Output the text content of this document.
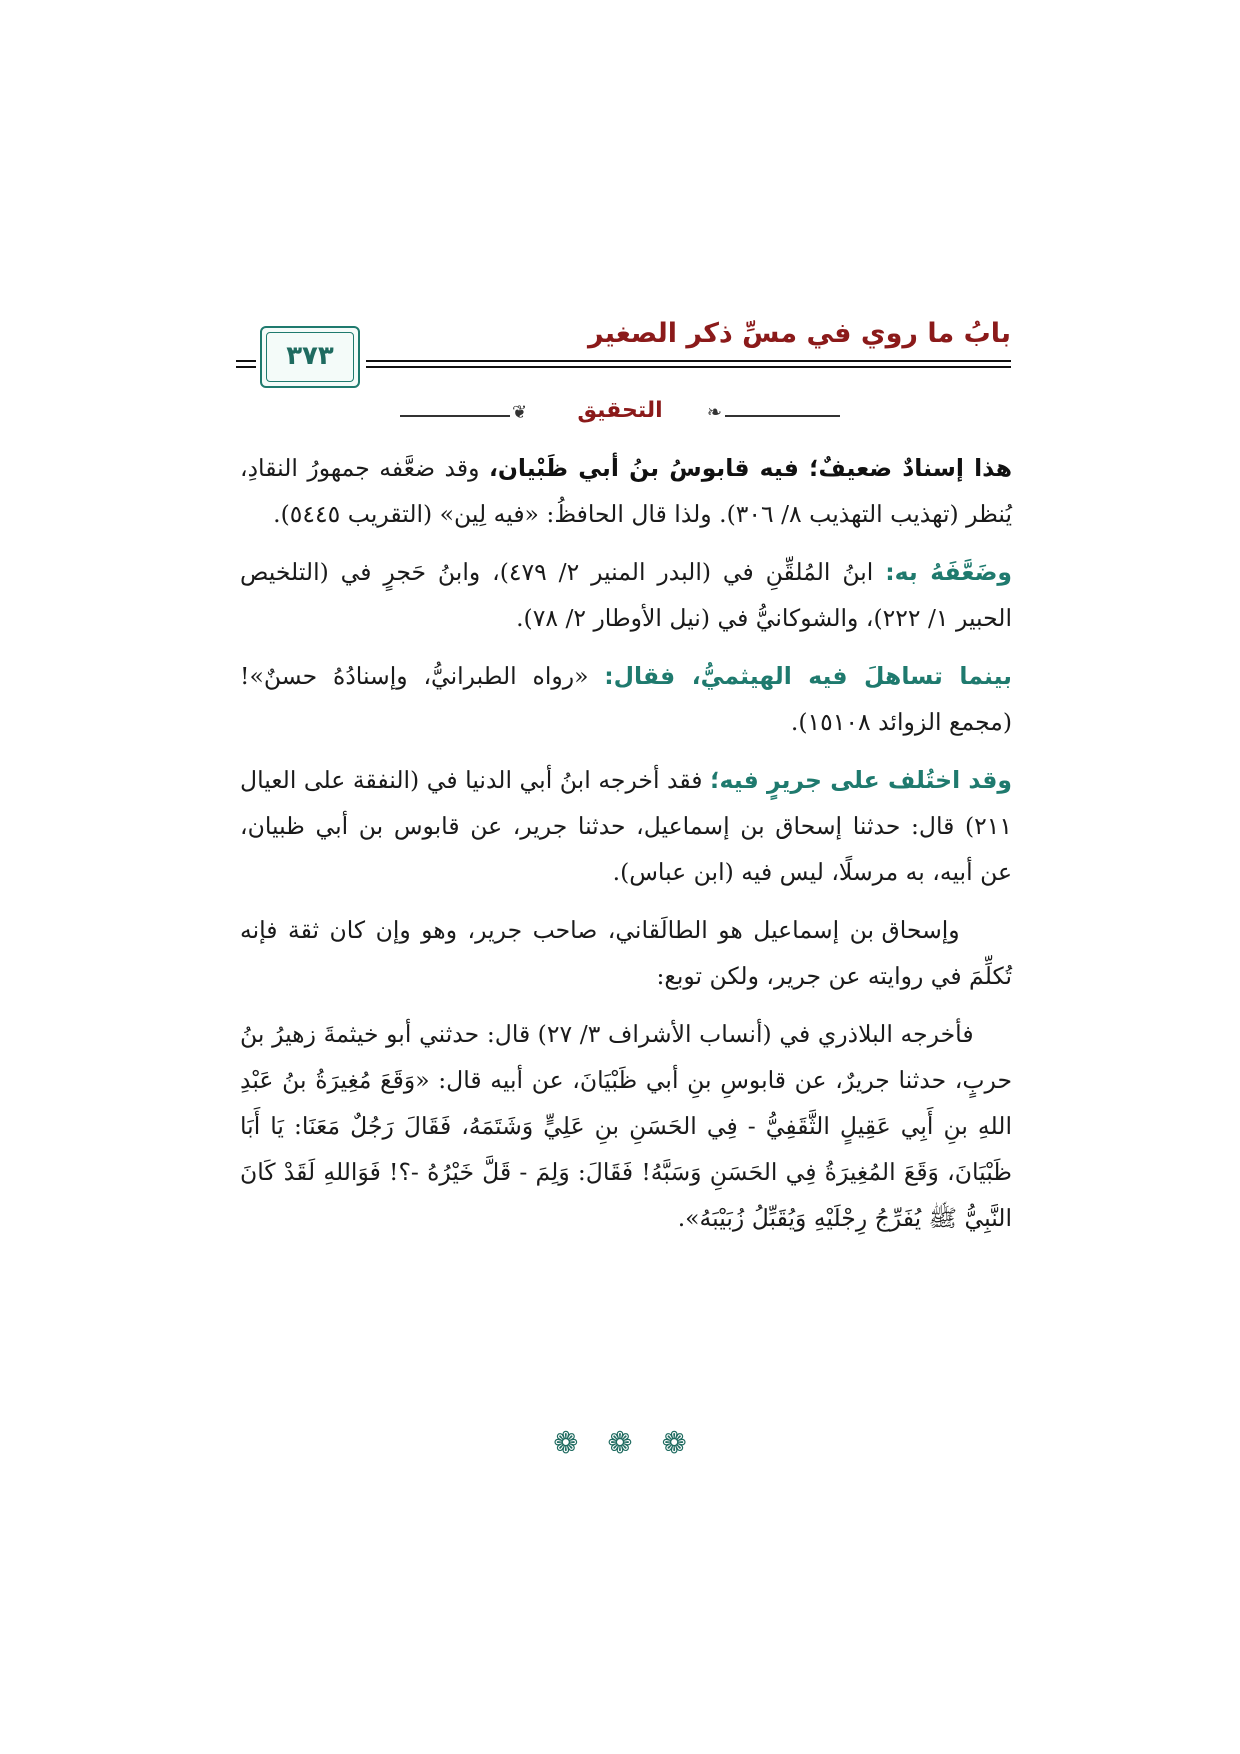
بابُ ما روي في مسِّ ذكر الصغير
٣٧٣
❦	التحقيق	❧

هذا إسنادٌ ضعيفٌ؛ فيه قابوسُ بنُ أبي ظَبْيان، وقد ضعَّفه جمهورُ النقادِ، يُنظر (تهذيب التهذيب ٨/ ٣٠٦). ولذا قال الحافظُ: «فيه لِين» (التقريب ٥٤٤٥).

وضَعَّفَهُ به: ابنُ المُلقِّنِ في (البدر المنير ٢/ ٤٧٩)، وابنُ حَجرٍ في (التلخيص الحبير ١/ ٢٢٢)، والشوكانيُّ في (نيل الأوطار ٢/ ٧٨).

بينما تساهلَ فيه الهيثميُّ، فقال: «رواه الطبرانيُّ، وإسنادُهُ حسنٌ»! (مجمع الزوائد ١٥١٠٨).

وقد اختُلف على جريرٍ فيه؛ فقد أخرجه ابنُ أبي الدنيا في (النفقة على العيال ٢١١) قال: حدثنا إسحاق بن إسماعيل، حدثنا جرير، عن قابوس بن أبي ظبيان، عن أبيه، به مرسلًا، ليس فيه (ابن عباس).

وإسحاق بن إسماعيل هو الطالَقاني، صاحب جرير، وهو وإن كان ثقة فإنه تُكلِّمَ في روايته عن جرير، ولكن توبع:

فأخرجه البلاذري في (أنساب الأشراف ٣/ ٢٧) قال: حدثني أبو خيثمةَ زهيرُ بنُ حربٍ، حدثنا جريرٌ، عن قابوسِ بنِ أبي ظَبْيَانَ، عن أبيه قال: «وَقَعَ مُغِيرَةُ بنُ عَبْدِ اللهِ بنِ أَبِي عَقِيلٍ الثَّقَفِيُّ - فِي الحَسَنِ بنِ عَلِيٍّ وَشَتَمَهُ، فَقَالَ رَجُلٌ مَعَنَا: يَا أَبَا ظَبْيَانَ، وَقَعَ المُغِيرَةُ فِي الحَسَنِ وَسَبَّهُ! فَقَالَ: وَلِمَ - قَلَّ خَيْرُهُ -؟! فَوَاللهِ لَقَدْ كَانَ النَّبِيُّ ﷺ يُفَرِّجُ رِجْلَيْهِ وَيُقَبِّلُ زُبَيْبَهُ».

❁ ❁ ❁
